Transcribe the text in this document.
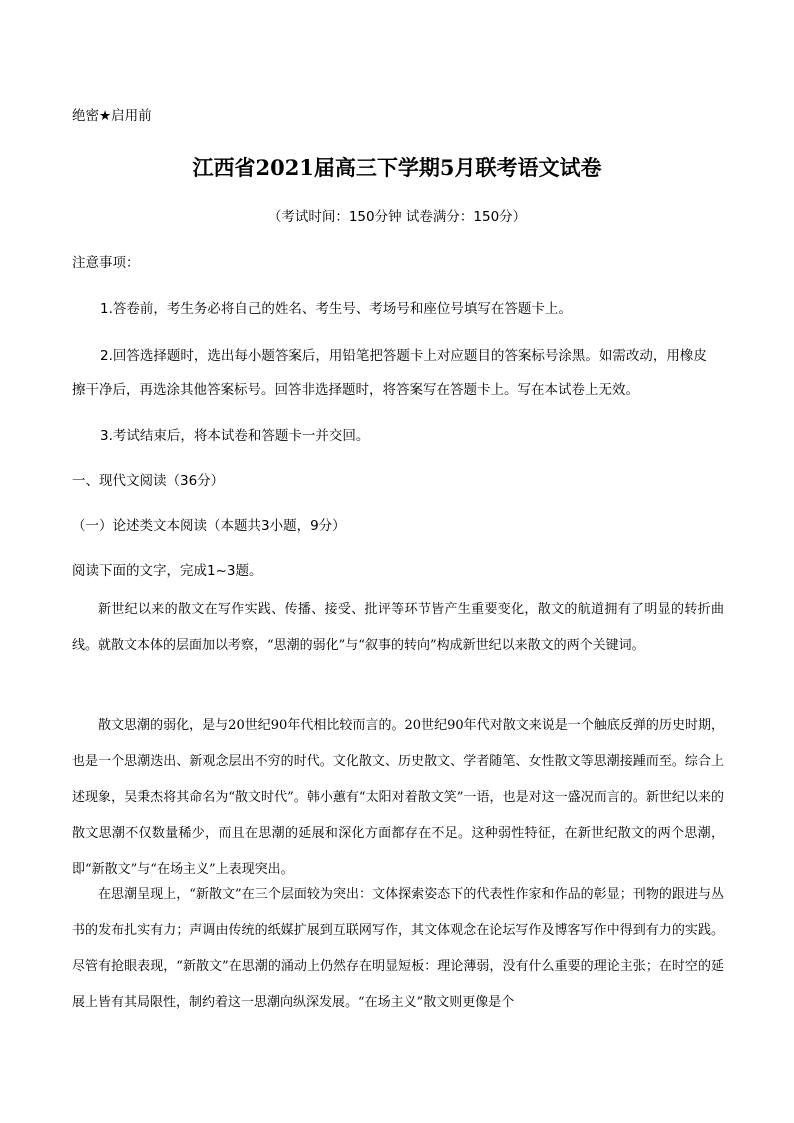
绝密★启用前
江西省2021届高三下学期5月联考语文试卷
（考试时间：150分钟 试卷满分：150分）
注意事项：
1.答卷前，考生务必将自己的姓名、考生号、考场号和座位号填写在答题卡上。
2.回答选择题时，选出每小题答案后，用铅笔把答题卡上对应题目的答案标号涂黑。如需改动，用橡皮
擦干净后，再选涂其他答案标号。回答非选择题时，将答案写在答题卡上。写在本试卷上无效。
3.考试结束后，将本试卷和答题卡一并交回。
一、现代文阅读（36分）
（一）论述类文本阅读（本题共3小题，9分）
阅读下面的文字，完成1~3题。
新世纪以来的散文在写作实践、传播、接受、批评等环节皆产生重要变化，散文的航道拥有了明显的转折曲线。就散文本体的层面加以考察，“思潮的弱化”与“叙事的转向”构成新世纪以来散文的两个关键词。
散文思潮的弱化，是与20世纪90年代相比较而言的。20世纪90年代对散文来说是一个触底反弹的历史时期，也是一个思潮迭出、新观念层出不穷的时代。文化散文、历史散文、学者随笔、女性散文等思潮接踵而至。综合上述现象，吴秉杰将其命名为“散文时代”。韩小蕙有“太阳对着散文笑”一语，也是对这一盛况而言的。新世纪以来的散文思潮不仅数量稀少，而且在思潮的延展和深化方面都存在不足。这种弱性特征，在新世纪散文的两个思潮，即“新散文”与“在场主义”上表现突出。
在思潮呈现上，“新散文”在三个层面较为突出：文体探索姿态下的代表性作家和作品的彰显；刊物的跟进与丛书的发布扎实有力；声调由传统的纸媒扩展到互联网写作，其文体观念在论坛写作及博客写作中得到有力的实践。尽管有抢眼表现，“新散文”在思潮的涌动上仍然存在明显短板：理论薄弱，没有什么重要的理论主张；在时空的延展上皆有其局限性，制约着这一思潮向纵深发展。“在场主义”散文则更像是个
